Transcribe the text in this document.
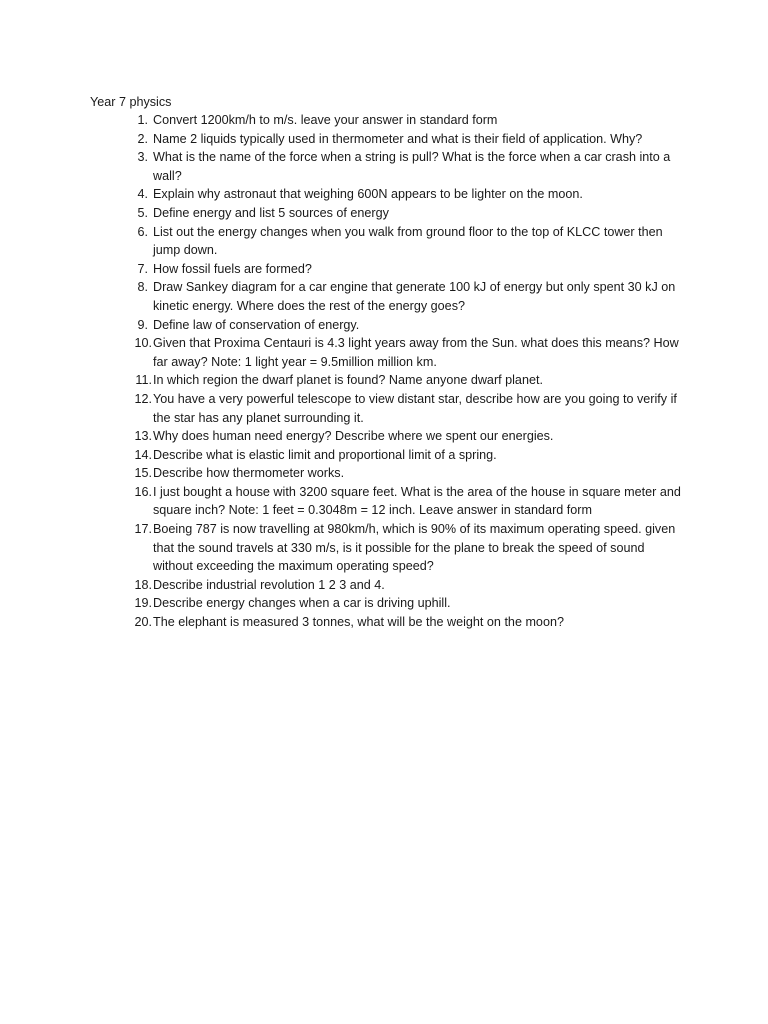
Year 7 physics
1. Convert 1200km/h to m/s. leave your answer in standard form
2. Name 2 liquids typically used in thermometer and what is their field of application. Why?
3. What is the name of the force when a string is pull? What is the force when a car crash into a wall?
4. Explain why astronaut that weighing 600N appears to be lighter on the moon.
5. Define energy and list 5 sources of energy
6. List out the energy changes when you walk from ground floor to the top of KLCC tower then jump down.
7. How fossil fuels are formed?
8. Draw Sankey diagram for a car engine that generate 100 kJ of energy but only spent 30 kJ on kinetic energy. Where does the rest of the energy goes?
9. Define law of conservation of energy.
10. Given that Proxima Centauri is 4.3 light years away from the Sun. what does this means? How far away? Note: 1 light year = 9.5million million km.
11. In which region the dwarf planet is found? Name anyone dwarf planet.
12. You have a very powerful telescope to view distant star, describe how are you going to verify if the star has any planet surrounding it.
13. Why does human need energy? Describe where we spent our energies.
14. Describe what is elastic limit and proportional limit of a spring.
15. Describe how thermometer works.
16. I just bought a house with 3200 square feet. What is the area of the house in square meter and square inch? Note: 1 feet = 0.3048m = 12 inch. Leave answer in standard form
17. Boeing 787 is now travelling at 980km/h, which is 90% of its maximum operating speed. given that the sound travels at 330 m/s, is it possible for the plane to break the speed of sound without exceeding the maximum operating speed?
18. Describe industrial revolution 1 2 3 and 4.
19. Describe energy changes when a car is driving uphill.
20. The elephant is measured 3 tonnes, what will be the weight on the moon?
